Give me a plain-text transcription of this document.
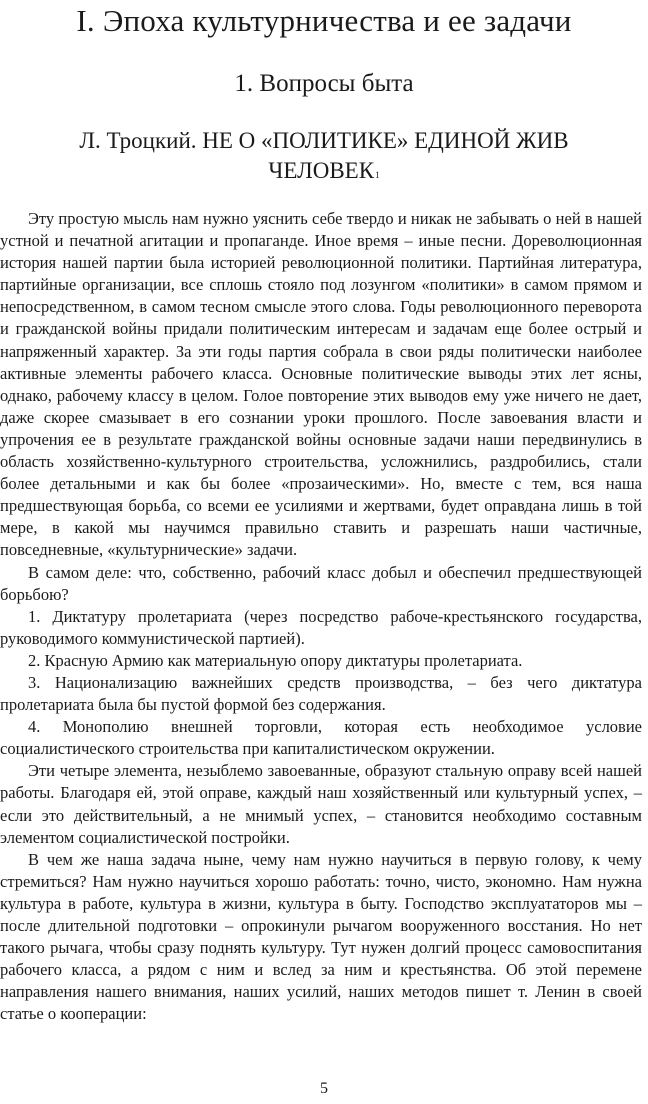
I. Эпоха культурничества и ее задачи
1. Вопросы быта
Л. Троцкий. НЕ О «ПОЛИТИКЕ» ЕДИНОЙ ЖИВ
ЧЕЛОВЕК$^1$

Эту простую мысль нам нужно уяснить себе твердо и никак не забывать о ней в нашей устной и печатной агитации и пропаганде. Иное время – иные песни. Дореволюционная история нашей партии была историей революционной политики. Партийная литература, партийные организации, все сплошь стояло под лозунгом «политики» в самом прямом и непосредственном, в самом тесном смысле этого слова. Годы революционного переворота и гражданской войны придали политическим интересам и задачам еще более острый и напряженный характер. За эти годы партия собрала в свои ряды политически наиболее активные элементы рабочего класса. Основные политические выводы этих лет ясны, однако, рабочему классу в целом. Голое повторение этих выводов ему уже ничего не дает, даже скорее смазывает в его сознании уроки прошлого. После завоевания власти и упрочения ее в результате гражданской войны основные задачи наши передвинулись в область хозяйственно-культурного строительства, усложнились, раздробились, стали более детальными и как бы более «прозаическими». Но, вместе с тем, вся наша предшествующая борьба, со всеми ее усилиями и жертвами, будет оправдана лишь в той мере, в какой мы научимся правильно ставить и разрешать наши частичные, повседневные, «культурнические» задачи.

В самом деле: что, собственно, рабочий класс добыл и обеспечил предшествующей борьбою?

1. Диктатуру пролетариата (через посредство рабоче-крестьянского государства, руководимого коммунистической партией).

2. Красную Армию как материальную опору диктатуры пролетариата.

3. Национализацию важнейших средств производства, – без чего диктатура пролетариата была бы пустой формой без содержания.

4. Монополию внешней торговли, которая есть необходимое условие социалистического строительства при капиталистическом окружении.

Эти четыре элемента, незыблемо завоеванные, образуют стальную оправу всей нашей работы. Благодаря ей, этой оправе, каждый наш хозяйственный или культурный успех, – если это действительный, а не мнимый успех, – становится необходимо составным элементом социалистической постройки.

В чем же наша задача ныне, чему нам нужно научиться в первую голову, к чему стремиться? Нам нужно научиться хорошо работать: точно, чисто, экономно. Нам нужна культура в работе, культура в жизни, культура в быту. Господство эксплуататоров мы – после длительной подготовки – опрокинули рычагом вооруженного восстания. Но нет такого рычага, чтобы сразу поднять культуру. Тут нужен долгий процесс самовоспитания рабочего класса, а рядом с ним и вслед за ним и крестьянства. Об этой перемене направления нашего внимания, наших усилий, наших методов пишет т. Ленин в своей статье о кооперации:

5
